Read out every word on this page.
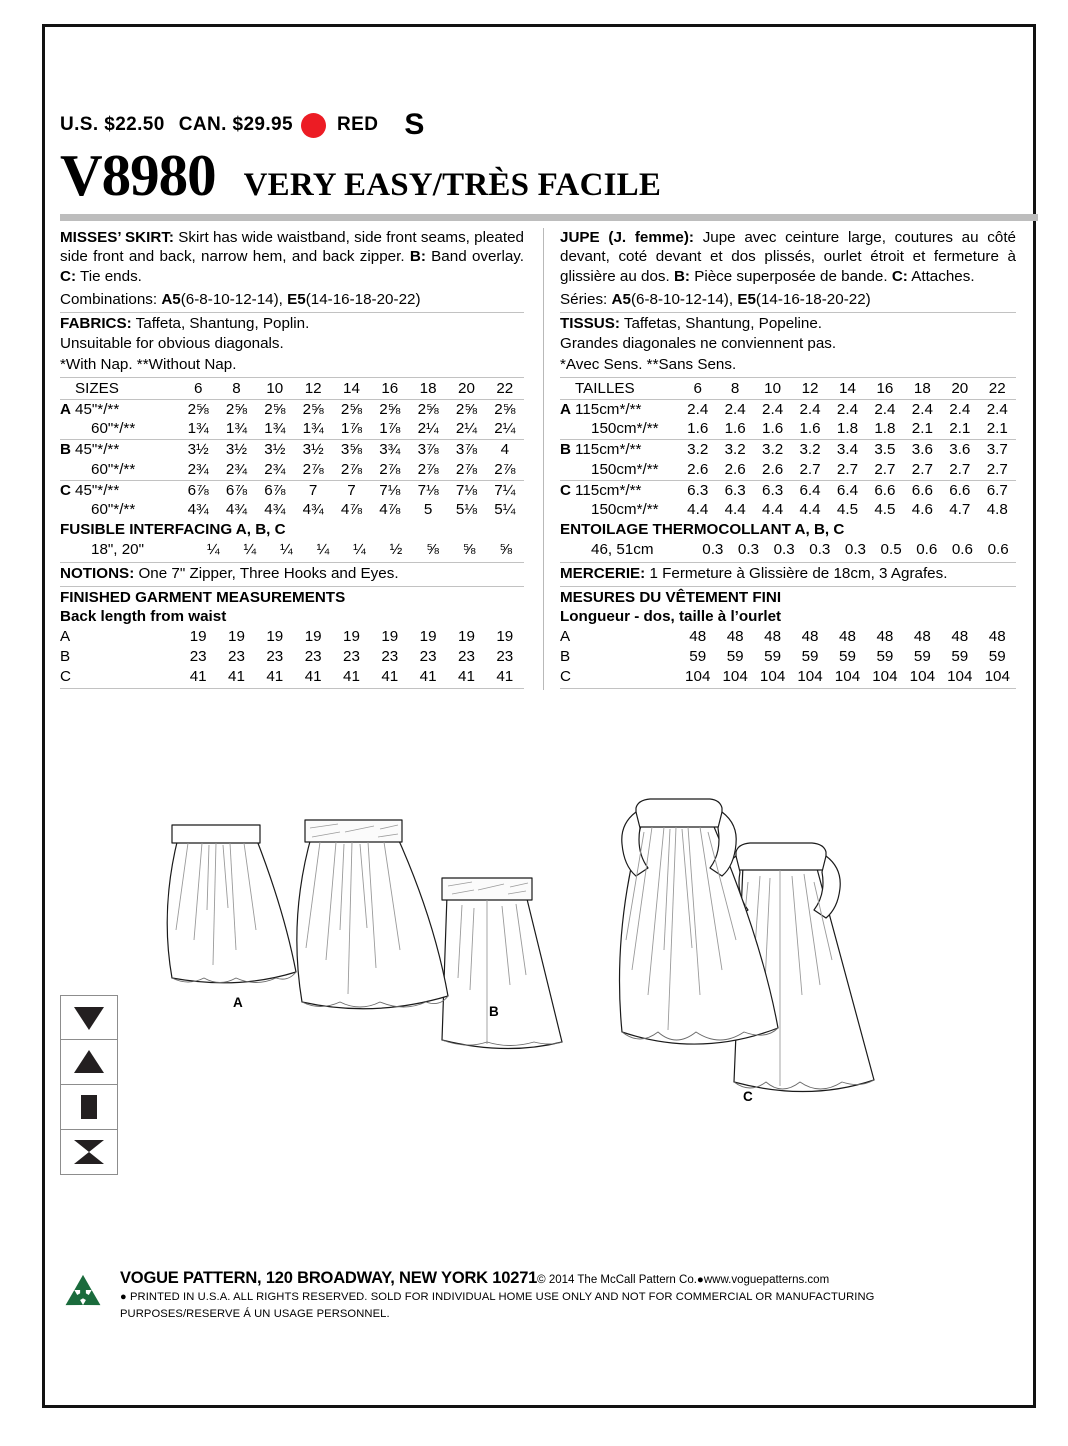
U.S. $22.50 CAN. $29.95 RED S
V8980 VERY EASY/TRÈS FACILE
MISSES’ SKIRT: Skirt has wide waistband, side front seams, pleated side front and back, narrow hem, and back zipper. B: Band overlay. C: Tie ends.
Combinations: A5(6-8-10-12-14), E5(14-16-18-20-22)
FABRICS: Taffeta, Shantung, Poplin.
Unsuitable for obvious diagonals.
*With Nap. **Without Nap.
	SIZES	6	8	10	12	14	16	18	20	22
A	45"*/**	2⅝	2⅝	2⅝	2⅝	2⅝	2⅝	2⅝	2⅝	2⅝
	60"*/**	1¾	1¾	1¾	1¾	1⅞	1⅞	2¼	2¼	2¼
B	45"*/**	3½	3½	3½	3½	3⅝	3¾	3⅞	3⅞	4
	60"*/**	2¾	2¾	2¾	2⅞	2⅞	2⅞	2⅞	2⅞	2⅞
C	45"*/**	6⅞	6⅞	6⅞	7	7	7⅛	7⅛	7⅛	7¼
	60"*/**	4¾	4¾	4¾	4¾	4⅞	4⅞	5	5⅛	5¼
FUSIBLE INTERFACING A, B, C
	18", 20"	¼	¼	¼	¼	¼	½	⅝	⅝	⅝
NOTIONS: One 7" Zipper, Three Hooks and Eyes.
FINISHED GARMENT MEASUREMENTS
Back length from waist
A	19	19	19	19	19	19	19	19	19
B	23	23	23	23	23	23	23	23	23
C	41	41	41	41	41	41	41	41	41
JUPE (J. femme): Jupe avec ceinture large, coutures au côté devant, coté devant et dos plissés, ourlet étroit et fermeture à glissière au dos. B: Pièce superposée de bande. C: Attaches.
Séries: A5(6-8-10-12-14), E5(14-16-18-20-22)
TISSUS: Taffetas, Shantung, Popeline.
Grandes diagonales ne conviennent pas.
*Avec Sens. **Sans Sens.
	TAILLES	6	8	10	12	14	16	18	20	22
A	115cm*/**	2.4	2.4	2.4	2.4	2.4	2.4	2.4	2.4	2.4
	150cm*/**	1.6	1.6	1.6	1.6	1.8	1.8	2.1	2.1	2.1
B	115cm*/**	3.2	3.2	3.2	3.2	3.4	3.5	3.6	3.6	3.7
	150cm*/**	2.6	2.6	2.6	2.7	2.7	2.7	2.7	2.7	2.7
C	115cm*/**	6.3	6.3	6.3	6.4	6.4	6.6	6.6	6.6	6.7
	150cm*/**	4.4	4.4	4.4	4.4	4.5	4.5	4.6	4.7	4.8
ENTOILAGE THERMOCOLLANT A, B, C
	46, 51cm	0.3	0.3	0.3	0.3	0.3	0.5	0.6	0.6	0.6
MERCERIE: 1 Fermeture à Glissière de 18cm, 3 Agrafes.
MESURES DU VÊTEMENT FINI
Longueur - dos, taille à l’ourlet
A	48	48	48	48	48	48	48	48	48
B	59	59	59	59	59	59	59	59	59
C	104	104	104	104	104	104	104	104	104
A
B
C
VOGUE PATTERN, 120 BROADWAY, NEW YORK 10271© 2014 The McCall Pattern Co.●www.voguepatterns.com
● PRINTED IN U.S.A. ALL RIGHTS RESERVED. SOLD FOR INDIVIDUAL HOME USE ONLY AND NOT FOR COMMERCIAL OR MANUFACTURING
PURPOSES/RESERVE Á UN USAGE PERSONNEL.
